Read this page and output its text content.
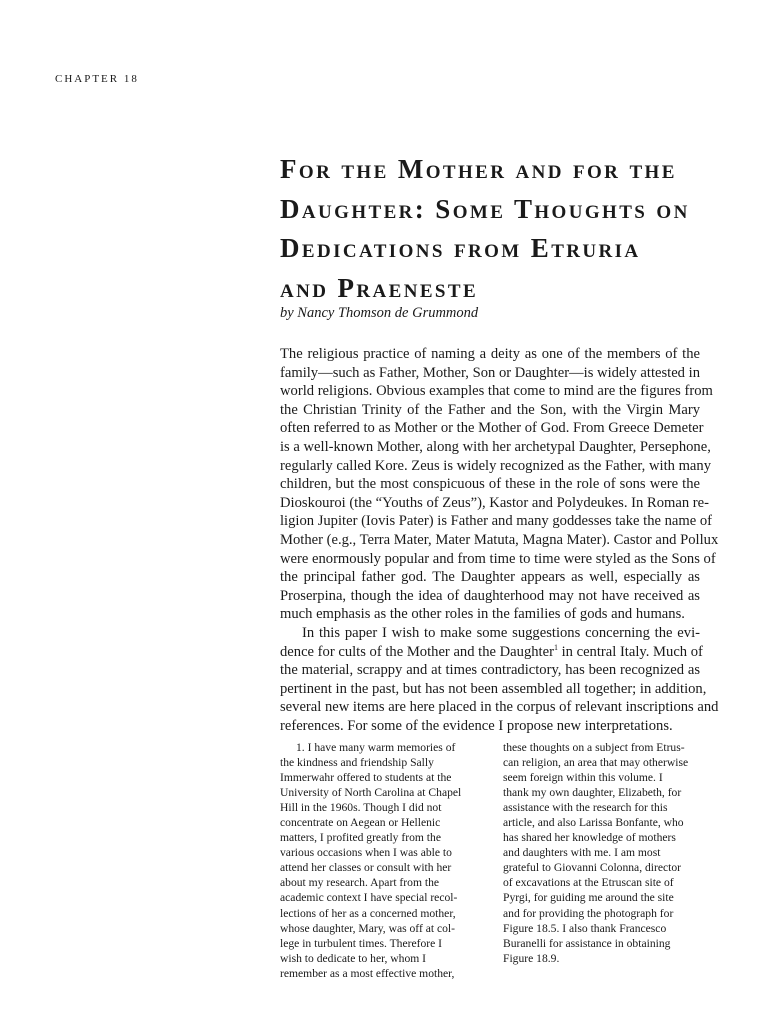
CHAPTER 18
For the Mother and for the
Daughter: Some Thoughts on
Dedications from Etruria
and Praeneste
by Nancy Thomson de Grummond
The religious practice of naming a deity as one of the members of the
family—such as Father, Mother, Son or Daughter—is widely attested in
world religions. Obvious examples that come to mind are the figures from
the Christian Trinity of the Father and the Son, with the Virgin Mary
often referred to as Mother or the Mother of God. From Greece Demeter
is a well-known Mother, along with her archetypal Daughter, Persephone,
regularly called Kore. Zeus is widely recognized as the Father, with many
children, but the most conspicuous of these in the role of sons were the
Dioskouroi (the “Youths of Zeus”), Kastor and Polydeukes. In Roman re-
ligion Jupiter (Iovis Pater) is Father and many goddesses take the name of
Mother (e.g., Terra Mater, Mater Matuta, Magna Mater). Castor and Pollux
were enormously popular and from time to time were styled as the Sons of
the principal father god. The Daughter appears as well, especially as
Proserpina, though the idea of daughterhood may not have received as
much emphasis as the other roles in the families of gods and humans.
In this paper I wish to make some suggestions concerning the evi-
dence for cults of the Mother and the Daughter$^1$ in central Italy. Much of
the material, scrappy and at times contradictory, has been recognized as
pertinent in the past, but has not been assembled all together; in addition,
several new items are here placed in the corpus of relevant inscriptions and
references. For some of the evidence I propose new interpretations.
1. I have many warm memories of
the kindness and friendship Sally
Immerwahr offered to students at the
University of North Carolina at Chapel
Hill in the 1960s. Though I did not
concentrate on Aegean or Hellenic
matters, I profited greatly from the
various occasions when I was able to
attend her classes or consult with her
about my research. Apart from the
academic context I have special recol-
lections of her as a concerned mother,
whose daughter, Mary, was off at col-
lege in turbulent times. Therefore I
wish to dedicate to her, whom I
remember as a most effective mother,
these thoughts on a subject from Etrus-
can religion, an area that may otherwise
seem foreign within this volume. I
thank my own daughter, Elizabeth, for
assistance with the research for this
article, and also Larissa Bonfante, who
has shared her knowledge of mothers
and daughters with me. I am most
grateful to Giovanni Colonna, director
of excavations at the Etruscan site of
Pyrgi, for guiding me around the site
and for providing the photograph for
Figure 18.5. I also thank Francesco
Buranelli for assistance in obtaining
Figure 18.9.
